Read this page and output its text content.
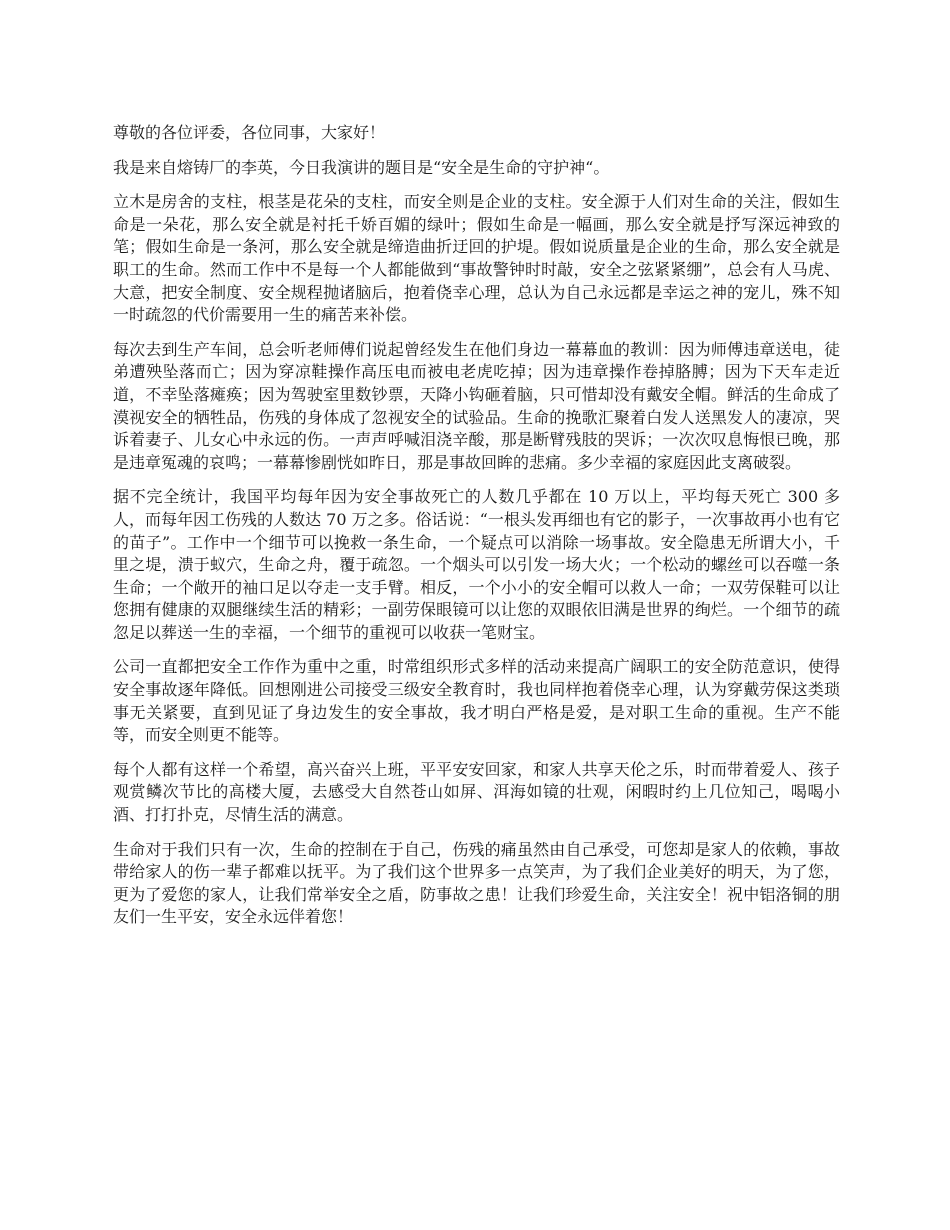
尊敬的各位评委，各位同事，大家好！

我是来自熔铸厂的李英，今日我演讲的题目是“安全是生命的守护神“。

立木是房舍的支柱，根茎是花朵的支柱，而安全则是企业的支柱。安全源于人们对生命的关注，假如生命是一朵花，那么安全就是衬托千娇百媚的绿叶；假如生命是一幅画，那么安全就是抒写深远神致的笔；假如生命是一条河，那么安全就是缔造曲折迂回的护堤。假如说质量是企业的生命，那么安全就是职工的生命。然而工作中不是每一个人都能做到“事故警钟时时敲，安全之弦紧紧绷”，总会有人马虎、大意，把安全制度、安全规程抛诸脑后，抱着侥幸心理，总认为自己永远都是幸运之神的宠儿，殊不知一时疏忽的代价需要用一生的痛苦来补偿。

每次去到生产车间，总会听老师傅们说起曾经发生在他们身边一幕幕血的教训：因为师傅违章送电，徒弟遭殃坠落而亡；因为穿凉鞋操作高压电而被电老虎吃掉；因为违章操作卷掉胳膊；因为下天车走近道，不幸坠落瘫痪；因为驾驶室里数钞票，天降小钩砸着脑，只可惜却没有戴安全帽。鲜活的生命成了漠视安全的牺牲品，伤残的身体成了忽视安全的试验品。生命的挽歌汇聚着白发人送黑发人的凄凉，哭诉着妻子、儿女心中永远的伤。一声声呼喊泪浇辛酸，那是断臂残肢的哭诉；一次次叹息悔恨已晚，那是违章冤魂的哀鸣；一幕幕惨剧恍如昨日，那是事故回眸的悲痛。多少幸福的家庭因此支离破裂。

据不完全统计，我国平均每年因为安全事故死亡的人数几乎都在 10 万以上，平均每天死亡 300 多人，而每年因工伤残的人数达 70 万之多。俗话说：“一根头发再细也有它的影子，一次事故再小也有它的苗子”。工作中一个细节可以挽救一条生命，一个疑点可以消除一场事故。安全隐患无所谓大小，千里之堤，溃于蚁穴，生命之舟，覆于疏忽。一个烟头可以引发一场大火；一个松动的螺丝可以吞噬一条生命；一个敞开的袖口足以夺走一支手臂。相反，一个小小的安全帽可以救人一命；一双劳保鞋可以让您拥有健康的双腿继续生活的精彩；一副劳保眼镜可以让您的双眼依旧满是世界的绚烂。一个细节的疏忽足以葬送一生的幸福，一个细节的重视可以收获一笔财宝。

公司一直都把安全工作作为重中之重，时常组织形式多样的活动来提高广阔职工的安全防范意识，使得安全事故逐年降低。回想刚进公司接受三级安全教育时，我也同样抱着侥幸心理，认为穿戴劳保这类琐事无关紧要，直到见证了身边发生的安全事故，我才明白严格是爱，是对职工生命的重视。生产不能等，而安全则更不能等。

每个人都有这样一个希望，高兴奋兴上班，平平安安回家，和家人共享天伦之乐，时而带着爱人、孩子观赏鳞次节比的高楼大厦，去感受大自然苍山如屏、洱海如镜的壮观，闲暇时约上几位知己，喝喝小酒、打打扑克，尽情生活的满意。

生命对于我们只有一次，生命的控制在于自己，伤残的痛虽然由自己承受，可您却是家人的依赖，事故带给家人的伤一辈子都难以抚平。为了我们这个世界多一点笑声，为了我们企业美好的明天，为了您，更为了爱您的家人，让我们常举安全之盾，防事故之患！让我们珍爱生命，关注安全！祝中铝洛铜的朋友们一生平安，安全永远伴着您！
